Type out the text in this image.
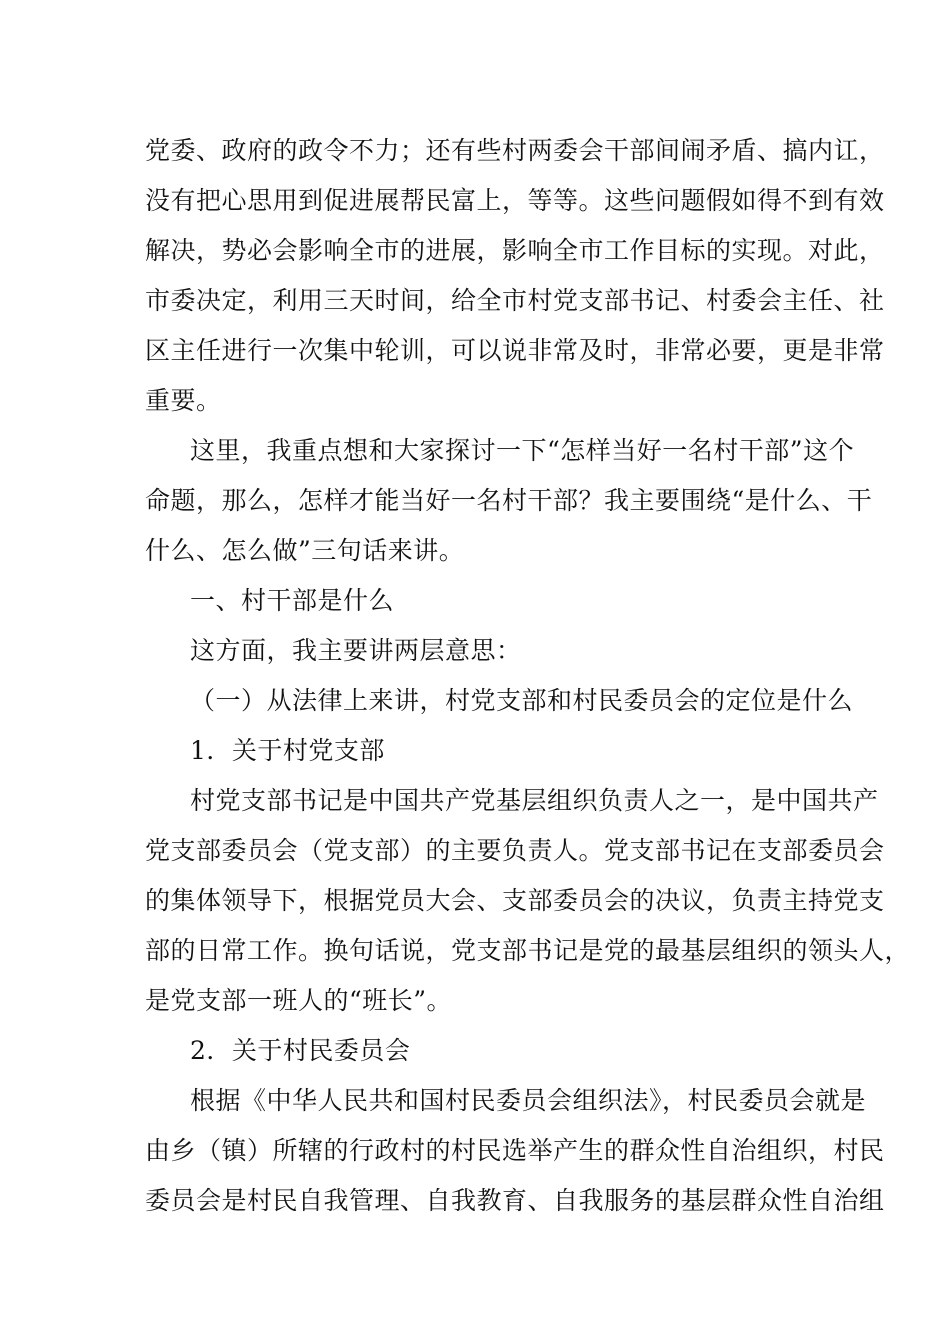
党委、政府的政令不力；还有些村两委会干部间闹矛盾、搞内讧，

没有把心思用到促进展帮民富上，等等。这些问题假如得不到有效

解决，势必会影响全市的进展，影响全市工作目标的实现。对此，

市委决定，利用三天时间，给全市村党支部书记、村委会主任、社

区主任进行一次集中轮训，可以说非常及时，非常必要，更是非常

重要。

这里，我重点想和大家探讨一下“怎样当好一名村干部”这个

命题，那么，怎样才能当好一名村干部？我主要围绕“是什么、干

什么、怎么做”三句话来讲。

一、村干部是什么

这方面，我主要讲两层意思：

（一）从法律上来讲，村党支部和村民委员会的定位是什么

1．关于村党支部

村党支部书记是中国共产党基层组织负责人之一，是中国共产

党支部委员会（党支部）的主要负责人。党支部书记在支部委员会

的集体领导下，根据党员大会、支部委员会的决议，负责主持党支

部的日常工作。换句话说，党支部书记是党的最基层组织的领头人，

是党支部一班人的“班长”。

2．关于村民委员会

根据《中华人民共和国村民委员会组织法》，村民委员会就是

由乡（镇）所辖的行政村的村民选举产生的群众性自治组织，村民

委员会是村民自我管理、自我教育、自我服务的基层群众性自治组
